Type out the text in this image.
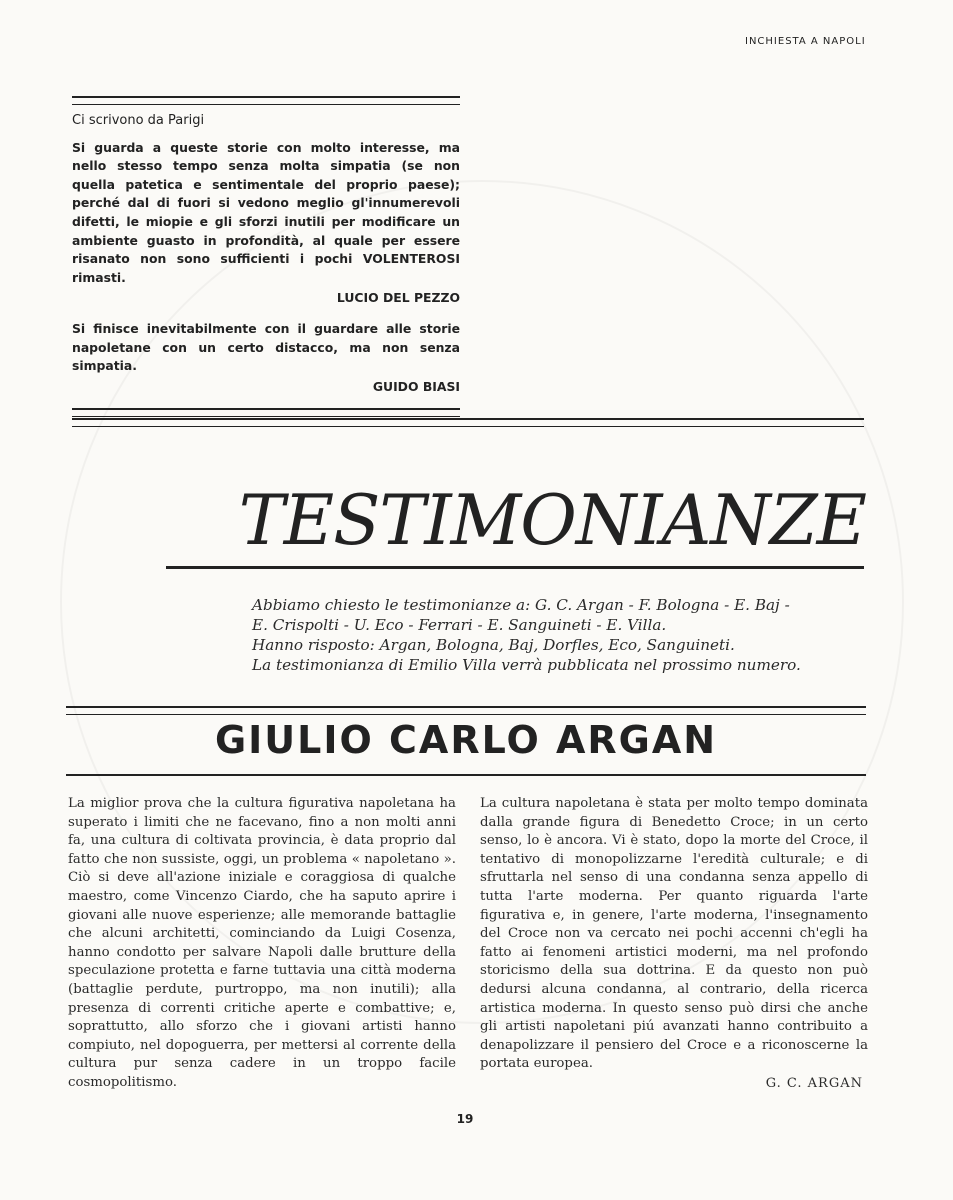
INCHIESTA A NAPOLI

Ci scrivono da Parigi

Si guarda a queste storie con molto interesse, ma nello stesso tempo senza molta simpatia (se non quella patetica e sentimentale del proprio paese); perché dal di fuori si vedono meglio gl'innumerevoli difetti, le miopie e gli sforzi inutili per modificare un ambiente guasto in profondità, al quale per essere risanato non sono sufficienti i pochi VOLENTEROSI rimasti.

LUCIO DEL PEZZO

Si finisce inevitabilmente con il guardare alle storie napoletane con un certo distacco, ma non senza simpatia.

GUIDO BIASI

TESTIMONIANZE
Abbiamo chiesto le testimonianze a: G. C. Argan - F. Bologna - E. Baj -
E. Crispolti - U. Eco - Ferrari - E. Sanguineti - E. Villa.
Hanno risposto: Argan, Bologna, Baj, Dorfles, Eco, Sanguineti.
La testimonianza di Emilio Villa verrà pubblicata nel prossimo numero.
GIULIO CARLO ARGAN

La miglior prova che la cultura figurativa napoletana ha superato i limiti che ne facevano, fino a non molti anni fa, una cultura di coltivata provincia, è data proprio dal fatto che non sussiste, oggi, un problema « napoletano ». Ciò si deve all'azione iniziale e coraggiosa di qualche maestro, come Vincenzo Ciardo, che ha saputo aprire i giovani alle nuove esperienze; alle memorande battaglie che alcuni architetti, cominciando da Luigi Cosenza, hanno condotto per salvare Napoli dalle brutture della speculazione protetta e farne tuttavia una città moderna (battaglie perdute, purtroppo, ma non inutili); alla presenza di correnti critiche aperte e combattive; e, soprattutto, allo sforzo che i giovani artisti hanno compiuto, nel dopoguerra, per mettersi al corrente della cultura pur senza cadere in un troppo facile cosmopolitismo.

La cultura napoletana è stata per molto tempo dominata dalla grande figura di Benedetto Croce; in un certo senso, lo è ancora. Vi è stato, dopo la morte del Croce, il tentativo di monopolizzarne l'eredità culturale; e di sfruttarla nel senso di una condanna senza appello di tutta l'arte moderna. Per quanto riguarda l'arte figurativa e, in genere, l'arte moderna, l'insegnamento del Croce non va cercato nei pochi accenni ch'egli ha fatto ai fenomeni artistici moderni, ma nel profondo storicismo della sua dottrina. E da questo non può dedursi alcuna condanna, al contrario, della ricerca artistica moderna. In questo senso può dirsi che anche gli artisti napoletani piú avanzati hanno contribuito a denapolizzare il pensiero del Croce e a riconoscerne la portata europea.

G. C. ARGAN
19
